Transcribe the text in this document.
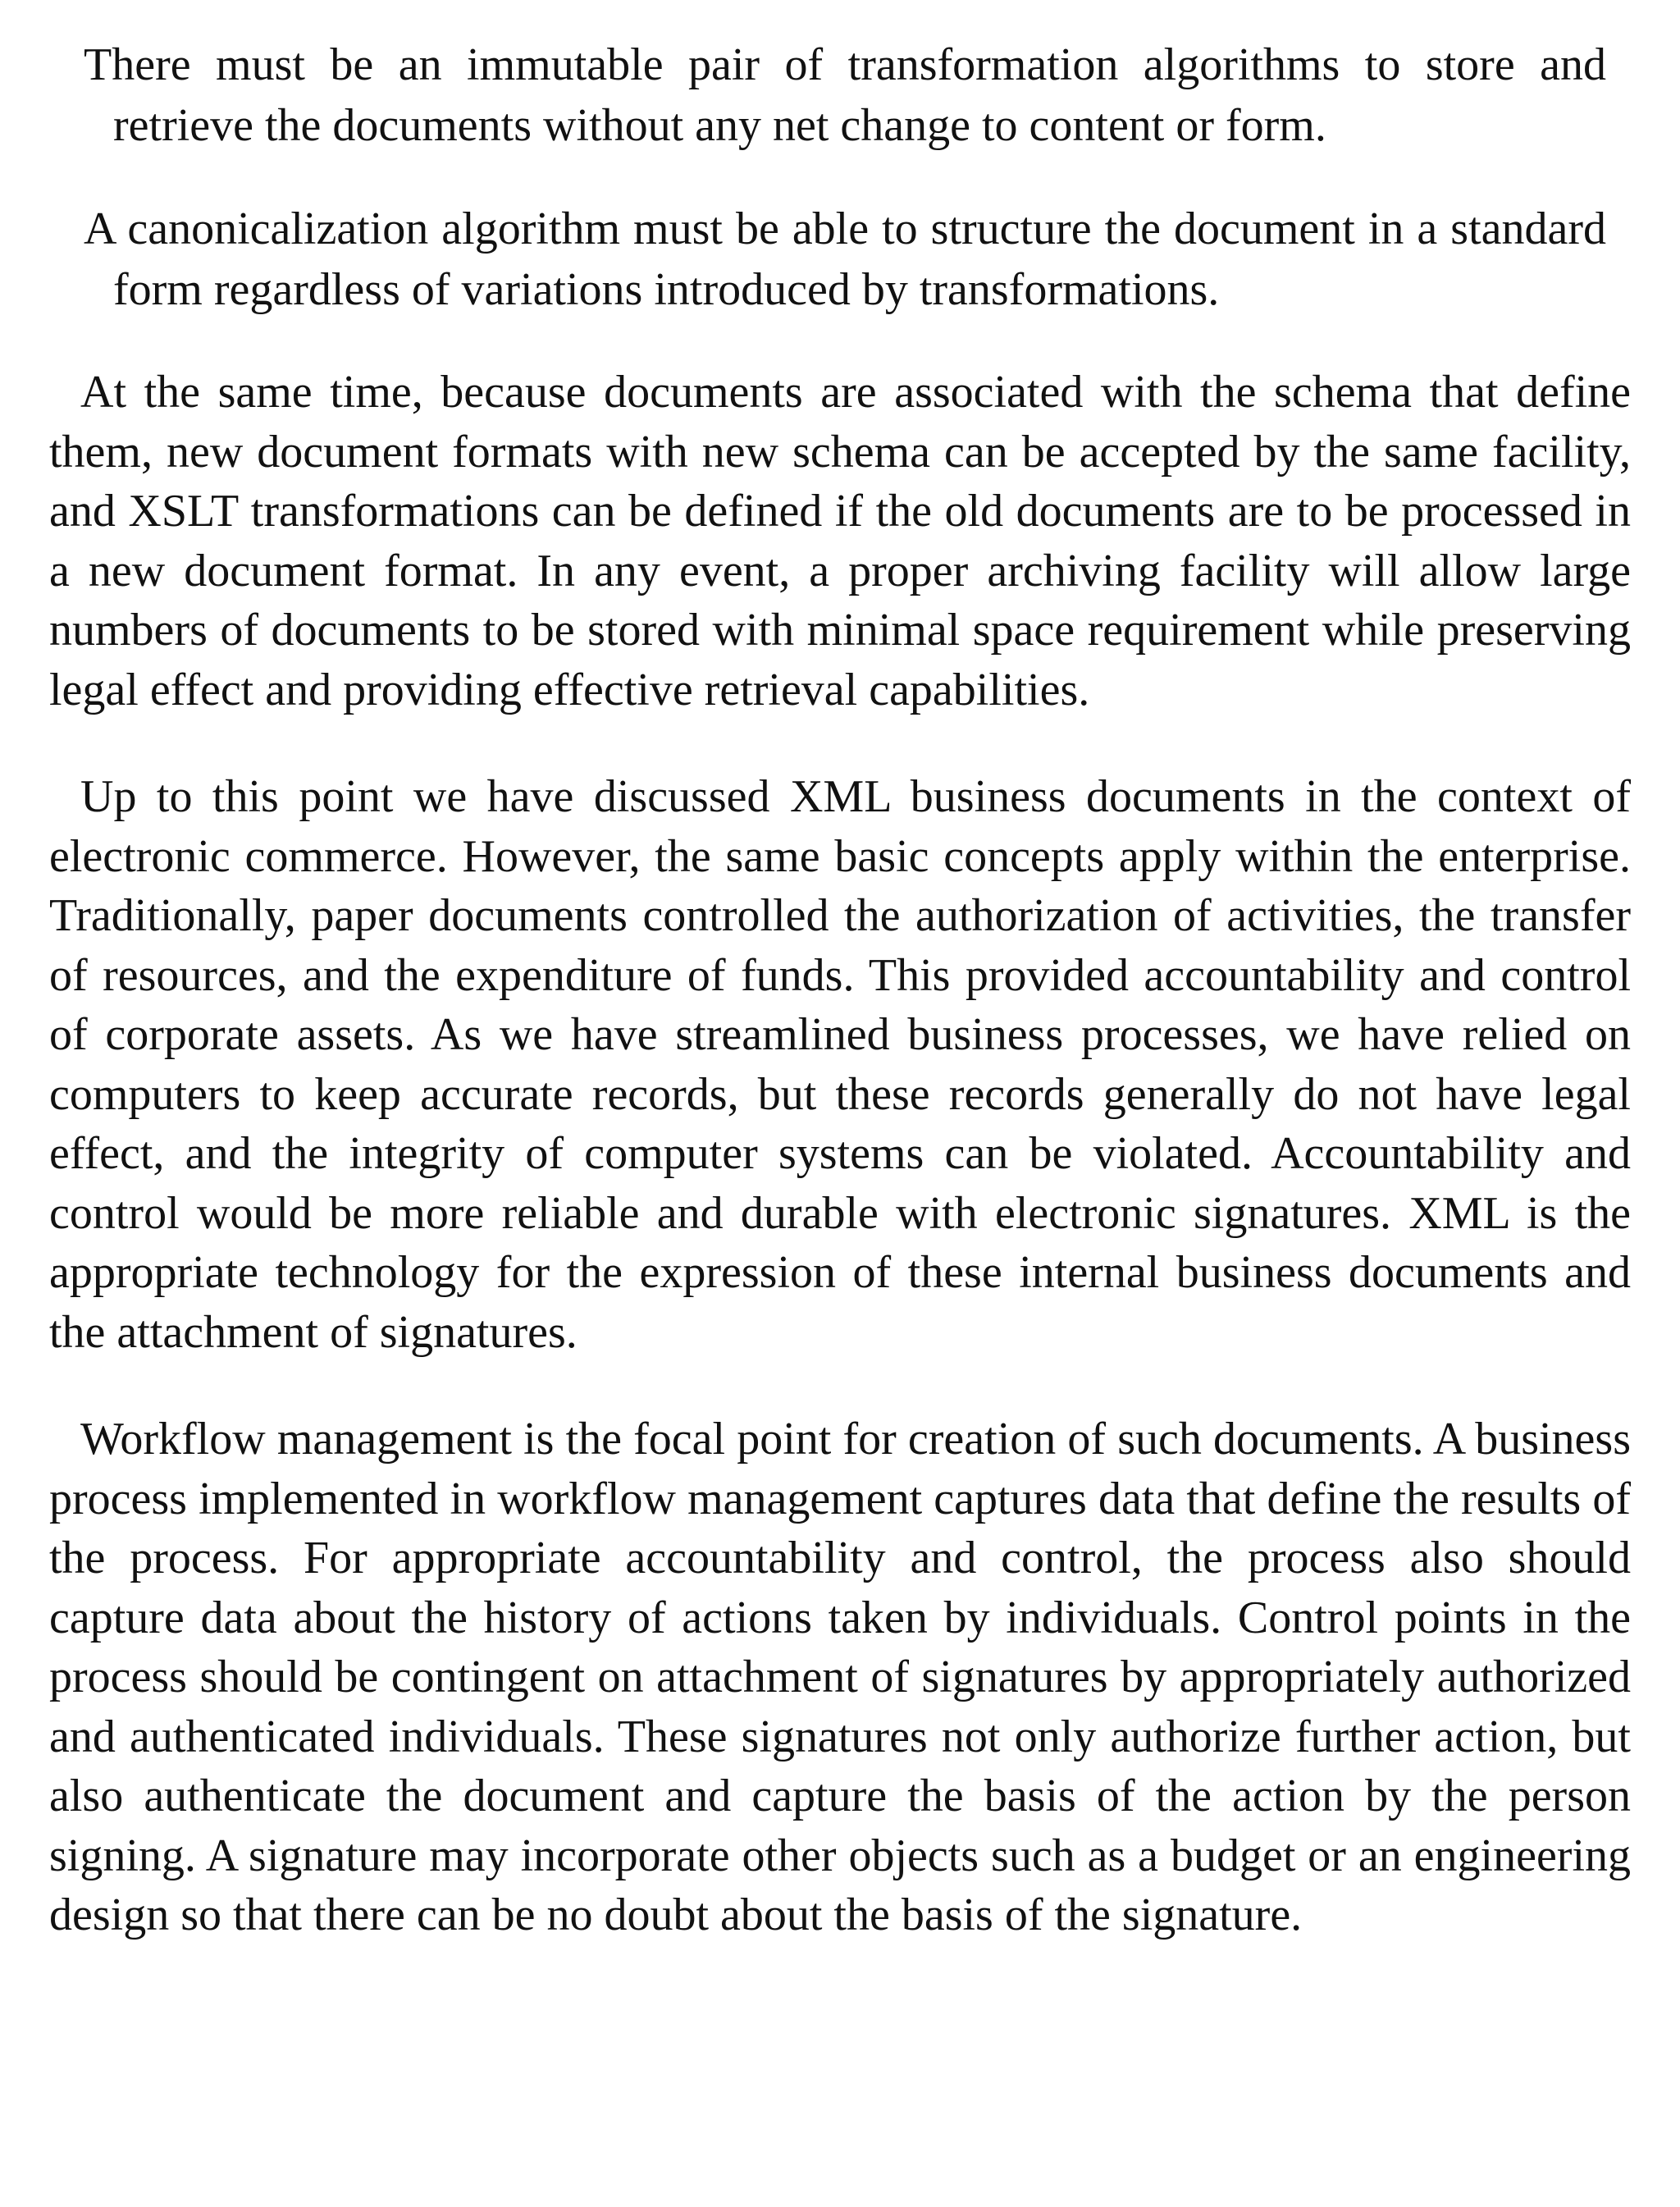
There must be an immutable pair of transformation algorithms to store and retrieve the documents without any net change to content or form.

A canonicalization algorithm must be able to structure the document in a standard form regardless of variations introduced by transformations.

At the same time, because documents are associated with the schema that define them, new document formats with new schema can be accepted by the same facility, and XSLT transformations can be defined if the old documents are to be processed in a new document format. In any event, a proper archiving facility will allow large numbers of documents to be stored with minimal space requirement while preserving legal effect and providing effective retrieval capabilities.

Up to this point we have discussed XML business documents in the context of electronic commerce. However, the same basic concepts apply within the enterprise. Traditionally, paper documents controlled the authorization of activities, the transfer of resources, and the expenditure of funds. This provided accountability and control of corporate assets. As we have streamlined business processes, we have relied on computers to keep accurate records, but these records generally do not have legal effect, and the integrity of computer systems can be violated. Accountability and control would be more reliable and durable with electronic signatures. XML is the appropriate technology for the expression of these internal business documents and the attachment of signatures.

Workflow management is the focal point for creation of such documents. A business process implemented in workflow management captures data that define the results of the process. For appropriate accountability and control, the process also should capture data about the history of actions taken by individuals. Control points in the process should be contingent on attachment of signatures by appropriately authorized and authenticated individuals. These signatures not only authorize further action, but also authenticate the document and capture the basis of the action by the person signing. A signature may incorporate other objects such as a budget or an engineering design so that there can be no doubt about the basis of the signature.
